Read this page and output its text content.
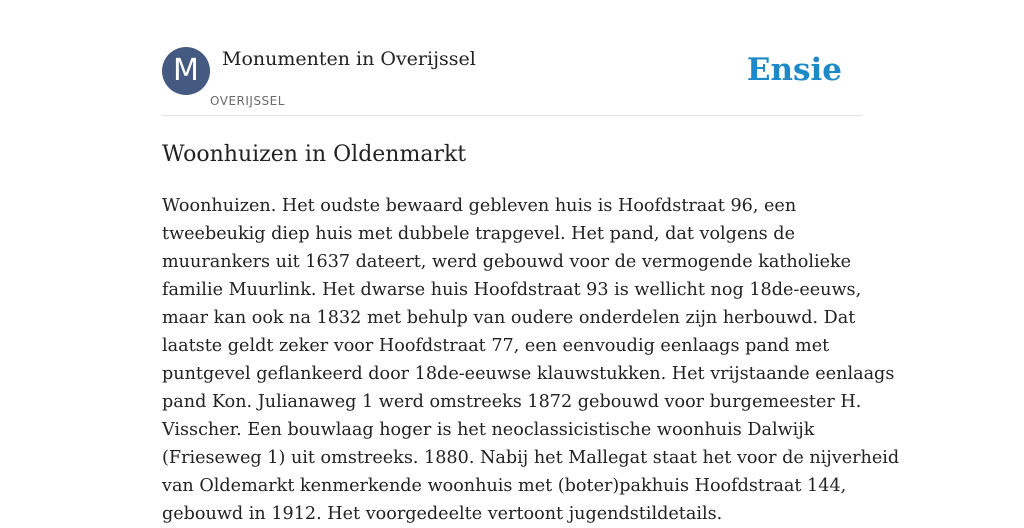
M Monumenten in Overijssel
OVERIJSSEL
Ensie
Woonhuizen in Oldenmarkt
Woonhuizen. Het oudste bewaard gebleven huis is Hoofdstraat 96, een
tweebeukig diep huis met dubbele trapgevel. Het pand, dat volgens de
muurankers uit 1637 dateert, werd gebouwd voor de vermogende katholieke
familie Muurlink. Het dwarse huis Hoofdstraat 93 is wellicht nog 18de-eeuws,
maar kan ook na 1832 met behulp van oudere onderdelen zijn herbouwd. Dat
laatste geldt zeker voor Hoofdstraat 77, een eenvoudig eenlaags pand met
puntgevel geflankeerd door 18de-eeuwse klauwstukken. Het vrijstaande eenlaags
pand Kon. Julianaweg 1 werd omstreeks 1872 gebouwd voor burgemeester H.
Visscher. Een bouwlaag hoger is het neoclassicistische woonhuis Dalwijk
(Frieseweg 1) uit omstreeks. 1880. Nabij het Mallegat staat het voor de nijverheid
van Oldemarkt kenmerkende woonhuis met (boter)pakhuis Hoofdstraat 144,
gebouwd in 1912. Het voorgedeelte vertoont jugendstildetails.
